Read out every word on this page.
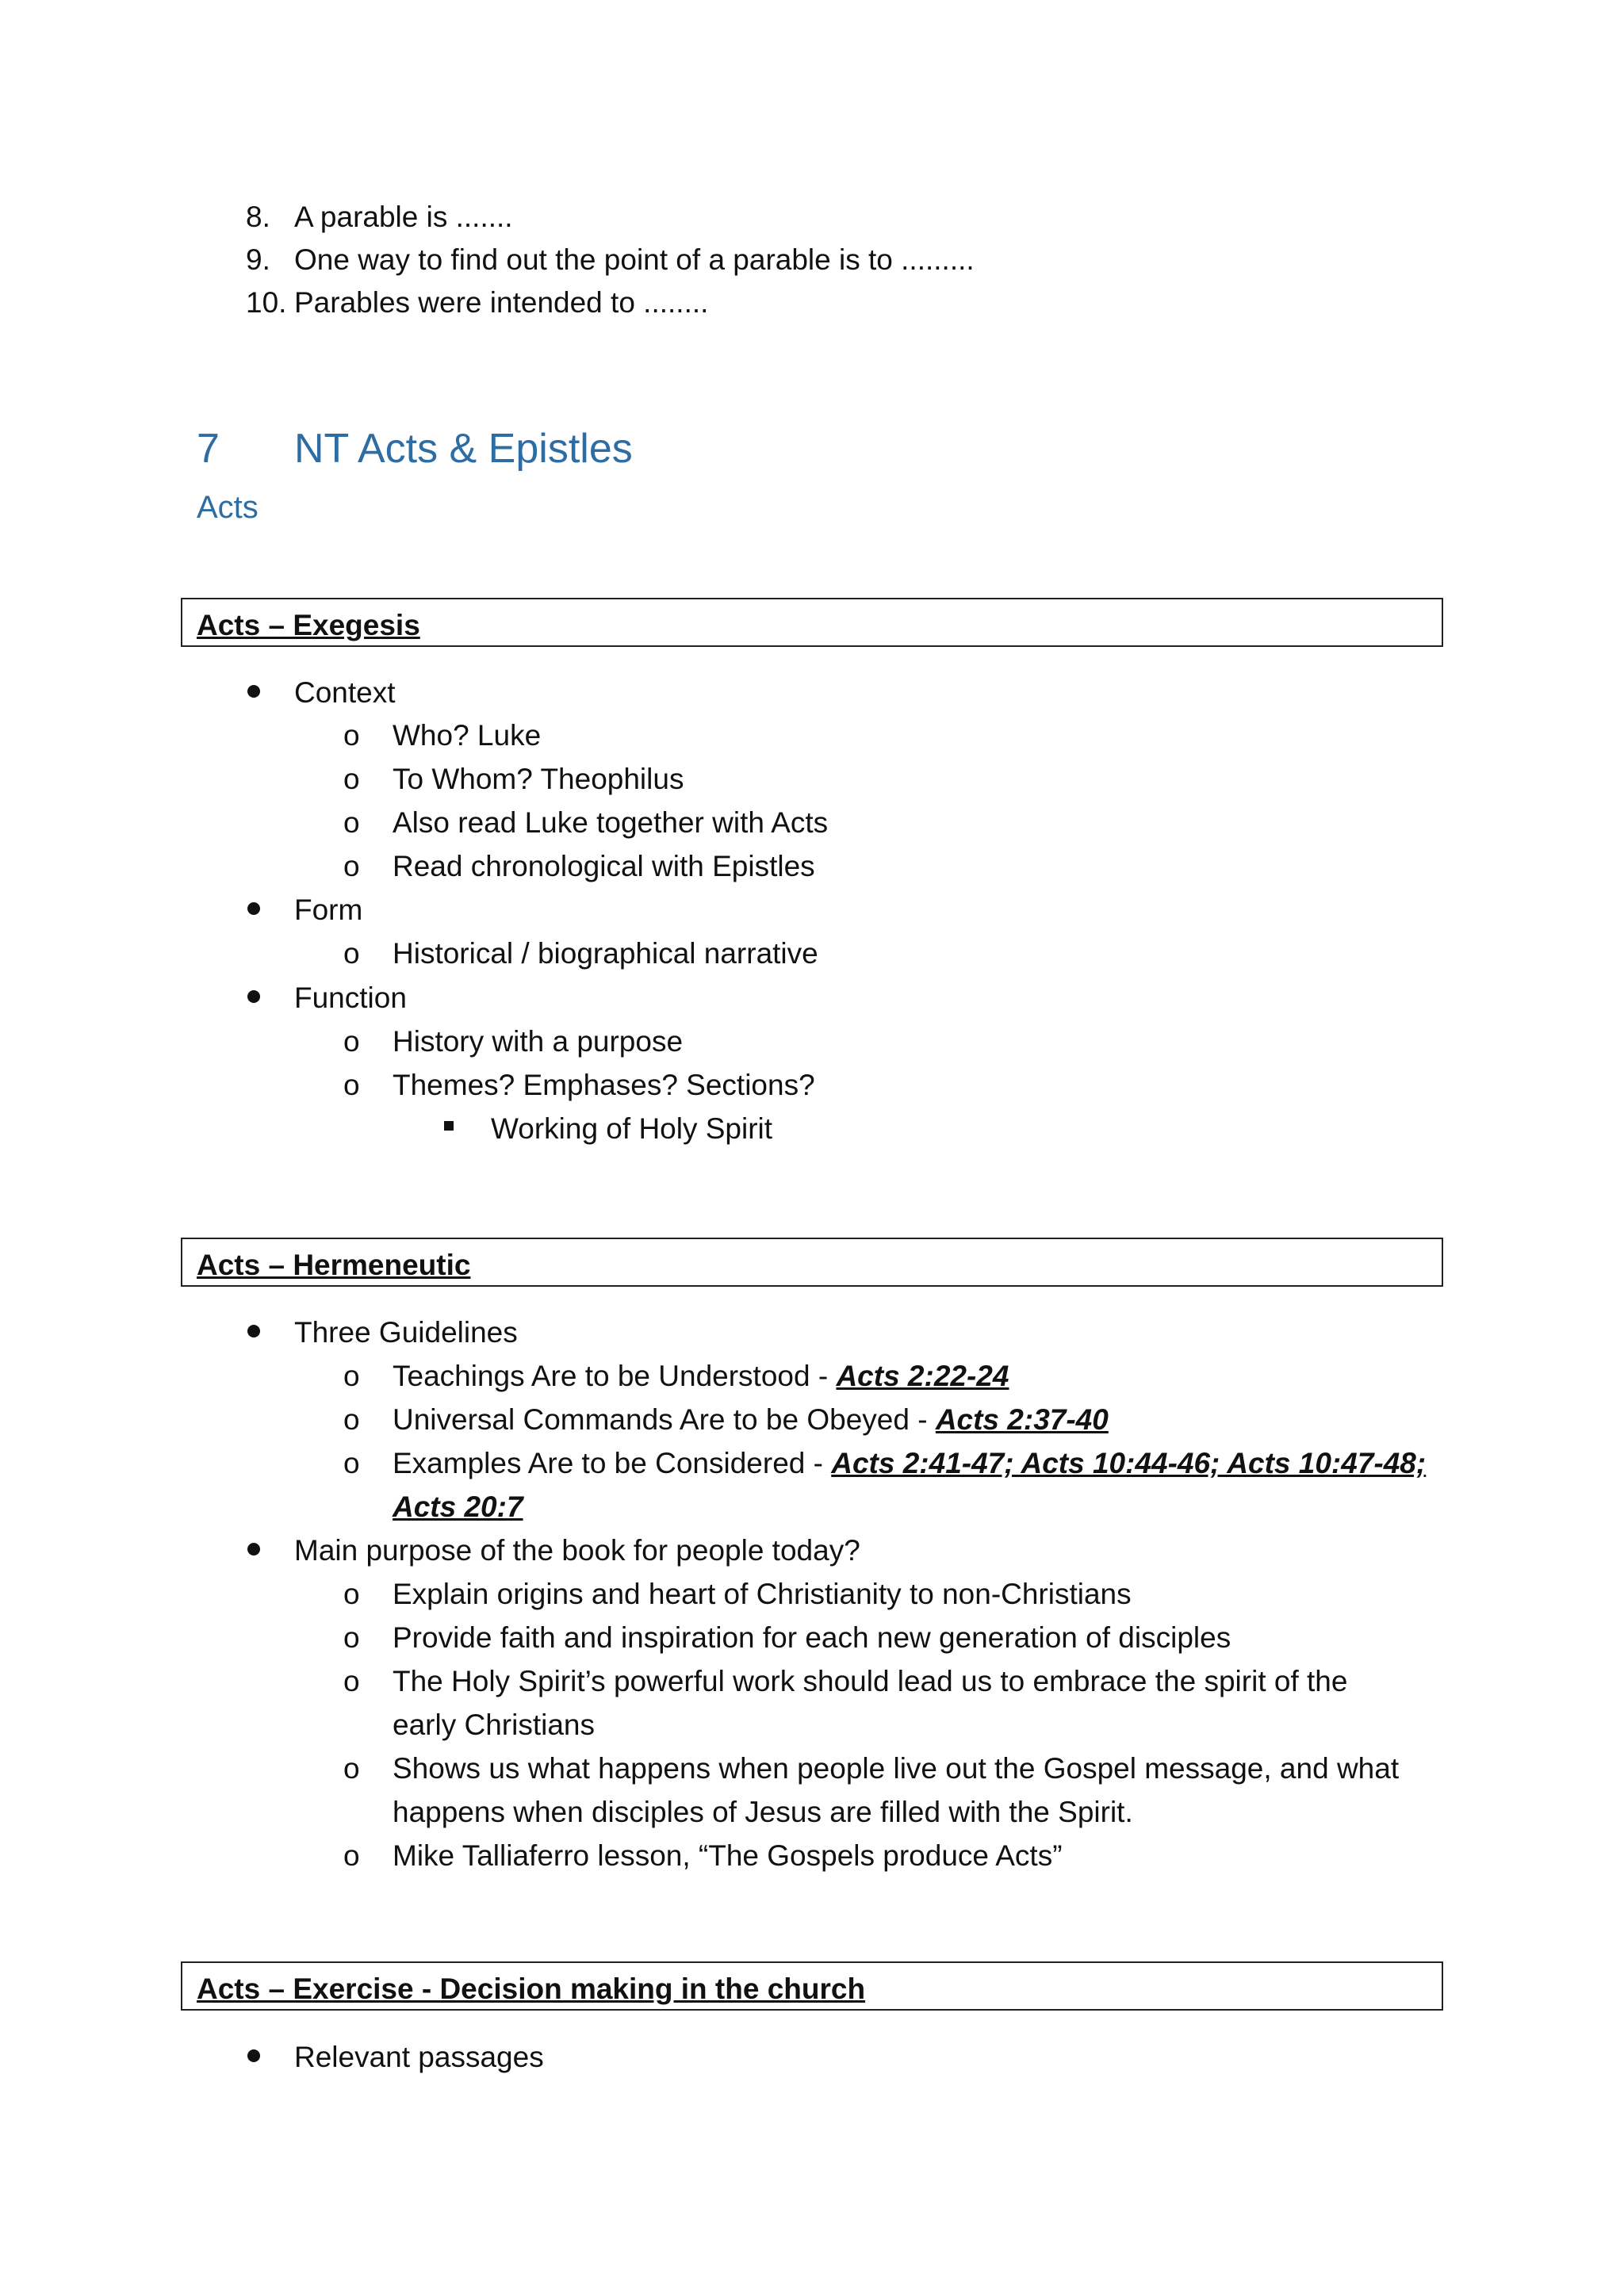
8. A parable is .......
9. One way to find out the point of a parable is to .........
10. Parables were intended to ........
7 NT Acts & Epistles
Acts
Acts – Exegesis
Context
o Who? Luke
o To Whom? Theophilus
o Also read Luke together with Acts
o Read chronological with Epistles
Form
o Historical / biographical narrative
Function
o History with a purpose
o Themes? Emphases? Sections?
Working of Holy Spirit
Acts – Hermeneutic
Three Guidelines
o Teachings Are to be Understood - Acts 2:22-24
o Universal Commands Are to be Obeyed - Acts 2:37-40
o Examples Are to be Considered - Acts 2:41-47; Acts 10:44-46; Acts 10:47-48;
Acts 20:7
Main purpose of the book for people today?
o Explain origins and heart of Christianity to non-Christians
o Provide faith and inspiration for each new generation of disciples
o The Holy Spirit’s powerful work should lead us to embrace the spirit of the
early Christians
o Shows us what happens when people live out the Gospel message, and what
happens when disciples of Jesus are filled with the Spirit.
o Mike Talliaferro lesson, “The Gospels produce Acts”
Acts – Exercise - Decision making in the church
Relevant passages
